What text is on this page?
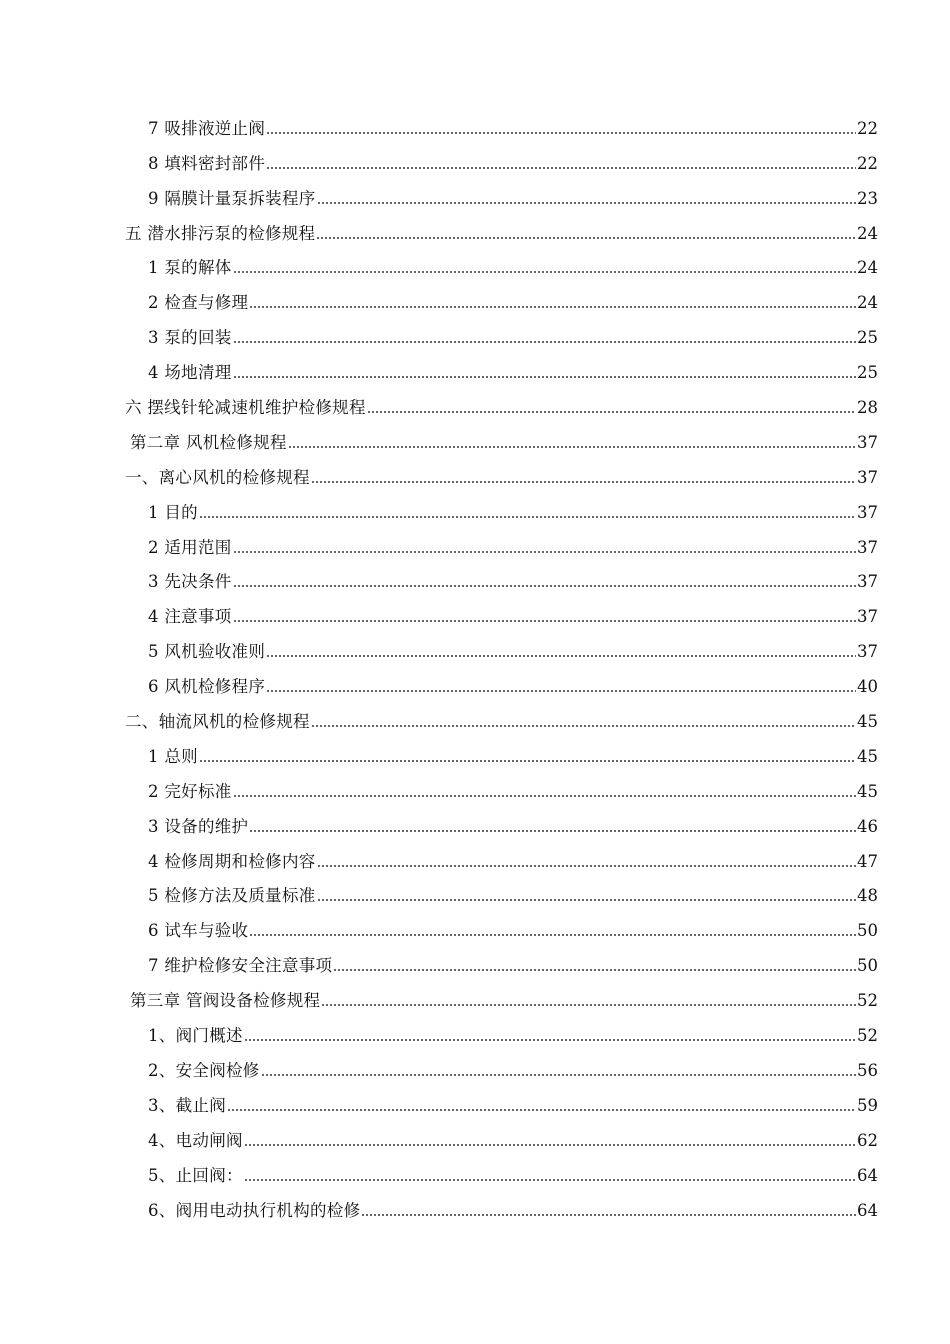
7 吸排液逆止阀	22
8 填料密封部件	22
9 隔膜计量泵拆装程序	23
五 潜水排污泵的检修规程	24
1 泵的解体	24
2 检查与修理	24
3 泵的回装	25
4 场地清理	25
六 摆线针轮减速机维护检修规程	28
第二章 风机检修规程	37
一、离心风机的检修规程	37
1 目的	37
2 适用范围	37
3 先决条件	37
4 注意事项	37
5 风机验收准则	37
6 风机检修程序	40
二、轴流风机的检修规程	45
1 总则	45
2 完好标准	45
3 设备的维护	46
4 检修周期和检修内容	47
5 检修方法及质量标准	48
6 试车与验收	50
7 维护检修安全注意事项	50
第三章 管阀设备检修规程	52
1、阀门概述	52
2、安全阀检修	56
3、截止阀	59
4、电动闸阀	62
5、止回阀：	64
6、阀用电动执行机构的检修	64
